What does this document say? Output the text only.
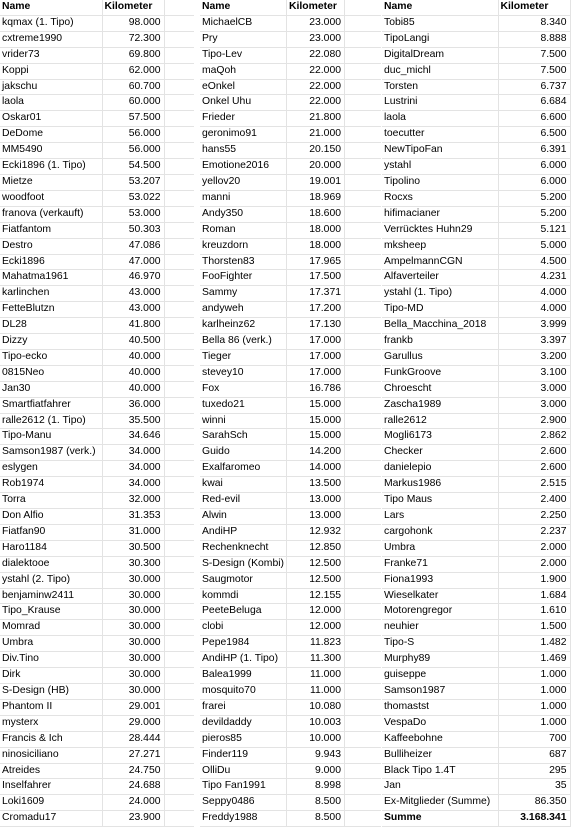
Name	Kilometer	
kqmax (1. Tipo)	98.000	
cxtreme1990	72.300	
vrider73	69.800	
Koppi	62.000	
jakschu	60.700	
laola	60.000	
Oskar01	57.500	
DeDome	56.000	
MM5490	56.000	
Ecki1896 (1. Tipo)	54.500	
Mietze	53.207	
woodfoot	53.022	
franova (verkauft)	53.000	
Fiatfantom	50.303	
Destro	47.086	
Ecki1896	47.000	
Mahatma1961	46.970	
karlinchen	43.000	
FetteBlutzn	43.000	
DL28	41.800	
Dizzy	40.500	
Tipo-ecko	40.000	
0815Neo	40.000	
Jan30	40.000	
Smartfiatfahrer	36.000	
ralle2612 (1. Tipo)	35.500	
Tipo-Manu	34.646	
Samson1987 (verk.)	34.000	
eslygen	34.000	
Rob1974	34.000	
Torra	32.000	
Don Alfio	31.353	
Fiatfan90	31.000	
Haro1184	30.500	
dialektooe	30.300	
ystahl (2. Tipo)	30.000	
benjaminw2411	30.000	
Tipo_Krause	30.000	
Momrad	30.000	
Umbra	30.000	
Div.Tino	30.000	
Dirk	30.000	
S-Design (HB)	30.000	
Phantom II	29.001	
mysterx	29.000	
Francis & Ich	28.444	
ninosiciliano	27.271	
Atreides	24.750	
Inselfahrer	24.688	
Loki1609	24.000	
Cromadu17	23.900	
Name	Kilometer	
MichaelCB	23.000	
Pry	23.000	
Tipo-Lev	22.080	
maQoh	22.000	
eOnkel	22.000	
Onkel Uhu	22.000	
Frieder	21.800	
geronimo91	21.000	
hans55	20.150	
Emotione2016	20.000	
yellov20	19.001	
manni	18.969	
Andy350	18.600	
Roman	18.000	
kreuzdorn	18.000	
Thorsten83	17.965	
FooFighter	17.500	
Sammy	17.371	
andyweh	17.200	
karlheinz62	17.130	
Bella 86 (verk.)	17.000	
Tieger	17.000	
stevey10	17.000	
Fox	16.786	
tuxedo21	15.000	
winni	15.000	
SarahSch	15.000	
Guido	14.200	
Exalfaromeo	14.000	
kwai	13.500	
Red-evil	13.000	
Alwin	13.000	
AndiHP	12.932	
Rechenknecht	12.850	
S-Design (Kombi)	12.500	
Saugmotor	12.500	
kommdi	12.155	
PeeteBeluga	12.000	
clobi	12.000	
Pepe1984	11.823	
AndiHP (1. Tipo)	11.300	
Balea1999	11.000	
mosquito70	11.000	
frarei	10.080	
devildaddy	10.003	
pieros85	10.000	
Finder119	9.943	
OlliDu	9.000	
Tipo Fan1991	8.998	
Seppy0486	8.500	
Freddy1988	8.500	
Name	Kilometer
Tobi85	8.340
TipoLangi	8.888
DigitalDream	7.500
duc_michl	7.500
Torsten	6.737
Lustrini	6.684
laola	6.600
toecutter	6.500
NewTipoFan	6.391
ystahl	6.000
Tipolino	6.000
Rocxs	5.200
hifimacianer	5.200
Verrücktes Huhn29	5.121
mksheep	5.000
AmpelmannCGN	4.500
Alfaverteiler	4.231
ystahl (1. Tipo)	4.000
Tipo-MD	4.000
Bella_Macchina_2018	3.999
frankb	3.397
Garullus	3.200
FunkGroove	3.100
Chroescht	3.000
Zascha1989	3.000
ralle2612	2.900
Mogli6173	2.862
Checker	2.600
danielepio	2.600
Markus1986	2.515
Tipo Maus	2.400
Lars	2.250
cargohonk	2.237
Umbra	2.000
Franke71	2.000
Fiona1993	1.900
Wieselkater	1.684
Motorengregor	1.610
neuhier	1.500
Tipo-S	1.482
Murphy89	1.469
guiseppe	1.000
Samson1987	1.000
thomastst	1.000
VespaDo	1.000
Kaffeebohne	700
Bulliheizer	687
Black Tipo 1.4T	295
Jan	35
Ex-Mitglieder (Summe)	86.350
Summe	3.168.341
